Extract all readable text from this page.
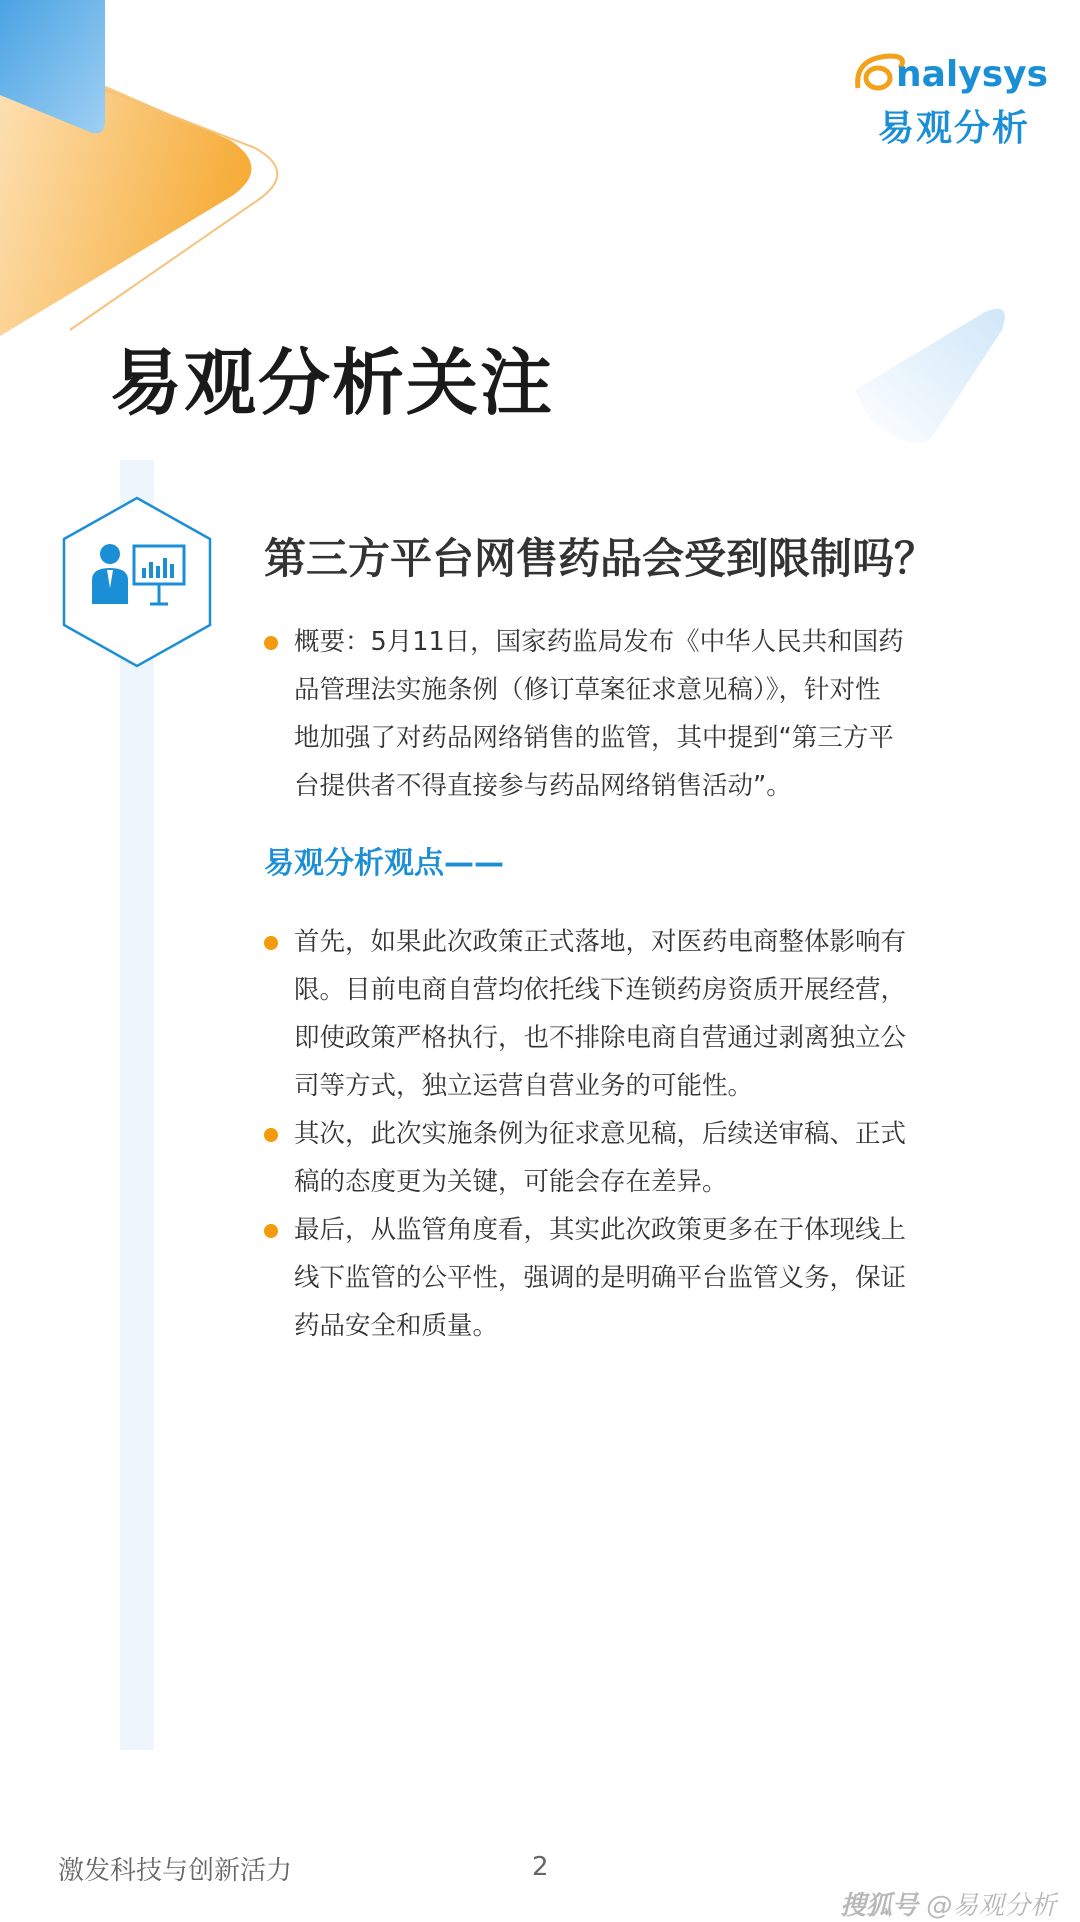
nalysys
易观分析
易观分析关注
第三方平台网售药品会受到限制吗？
概要：5月11日，国家药监局发布《中华人民共和国药
品管理法实施条例（修订草案征求意见稿）》，针对性
地加强了对药品网络销售的监管，其中提到“第三方平
台提供者不得直接参与药品网络销售活动”。
易观分析观点——
首先，如果此次政策正式落地，对医药电商整体影响有
限。目前电商自营均依托线下连锁药房资质开展经营，
即使政策严格执行，也不排除电商自营通过剥离独立公
司等方式，独立运营自营业务的可能性。
其次，此次实施条例为征求意见稿，后续送审稿、正式
稿的态度更为关键，可能会存在差异。
最后，从监管角度看，其实此次政策更多在于体现线上
线下监管的公平性，强调的是明确平台监管义务，保证
药品安全和质量。
激发科技与创新活力	2
搜狐号 @易观分析
